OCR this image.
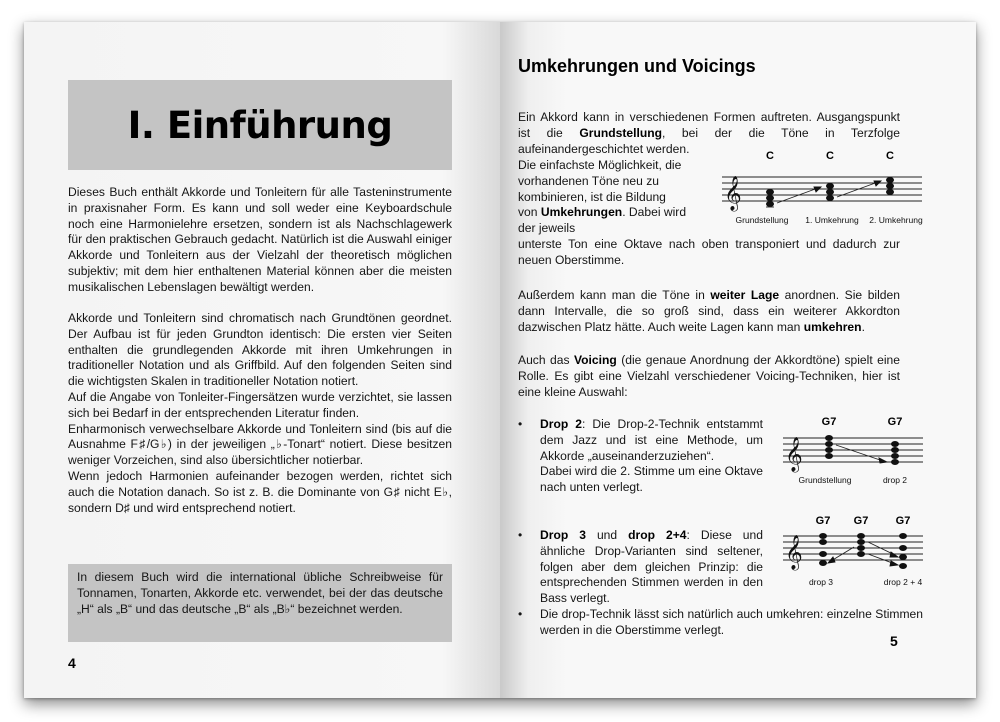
I. Einführung

Dieses Buch enthält Akkorde und Tonleitern für alle Tasteninstrumente in praxisnaher Form. Es kann und soll weder eine Keyboardschule noch eine Harmonielehre ersetzen, sondern ist als Nachschlagewerk für den praktischen Gebrauch gedacht. Natürlich ist die Auswahl einiger Akkorde und Tonleitern aus der Vielzahl der theoretisch möglichen subjektiv; mit dem hier enthaltenen Material können aber die meisten musikalischen Lebenslagen bewältigt werden.

Akkorde und Tonleitern sind chromatisch nach Grundtönen geordnet. Der Aufbau ist für jeden Grundton identisch: Die ersten vier Seiten enthalten die grundlegenden Akkorde mit ihren Umkehrungen in traditioneller Notation und als Griffbild. Auf den folgenden Seiten sind die wichtigsten Skalen in traditioneller Notation notiert.

Auf die Angabe von Tonleiter-Fingersätzen wurde verzichtet, sie lassen sich bei Bedarf in der entsprechenden Literatur finden.

Enharmonisch verwechselbare Akkorde und Tonleitern sind (bis auf die Ausnahme F♯/G♭) in der jeweiligen „♭-Tonart“ notiert. Diese besitzen weniger Vorzeichen, sind also übersichtlicher notierbar.

Wenn jedoch Harmonien aufeinander bezogen werden, richtet sich auch die Notation danach. So ist z. B. die Dominante von G♯ nicht E♭, sondern D♯ und wird entsprechend notiert.

In diesem Buch wird die international übliche Schreibweise für Tonnamen, Tonarten, Akkorde etc. verwendet, bei der das deutsche „H“ als „B“ und das deutsche „B“ als „B♭“ bezeichnet werden.
4
Umkehrungen und Voicings

Ein Akkord kann in verschiedenen Formen auftreten. Ausgangspunkt ist die Grundstellung, bei der die Töne in Terzfolge aufeinandergeschichtet werden.

Die einfachste Möglichkeit, die vorhandenen Töne neu zu kombinieren, ist die Bildung von Umkehrungen. Dabei wird der jeweils

unterste Ton eine Oktave nach oben transponiert und dadurch zur neuen Oberstimme.

Außerdem kann man die Töne in weiter Lage anordnen. Sie bilden dann Intervalle, die so groß sind, dass ein weiterer Akkordton dazwischen Platz hätte. Auch weite Lagen kann man umkehren.

Auch das Voicing (die genaue Anordnung der Akkordtöne) spielt eine Rolle. Es gibt eine Vielzahl verschiedener Voicing-Techniken, hier ist eine kleine Auswahl:

• Drop 2: Die Drop-2-Technik entstammt dem Jazz und ist eine Methode, um Akkorde „auseinanderzuziehen“.
Dabei wird die 2. Stimme um eine Oktave nach unten verlegt.
• Drop 3 und drop 2+4: Diese und ähnliche Drop-Varianten sind seltener, folgen aber dem gleichen Prinzip: die entsprechenden Stimmen werden in den Bass verlegt.
• Die drop-Technik lässt sich natürlich auch umkehren: einzelne Stimmen werden in die Oberstimme verlegt.
5
C	C	C
𝄞
Grundstellung 1. Umkehrung 2. Umkehrung
G7	G7
𝄞
Grundstellung	drop 2
G7 G7 G7
𝄞
drop 3	drop 2 + 4
